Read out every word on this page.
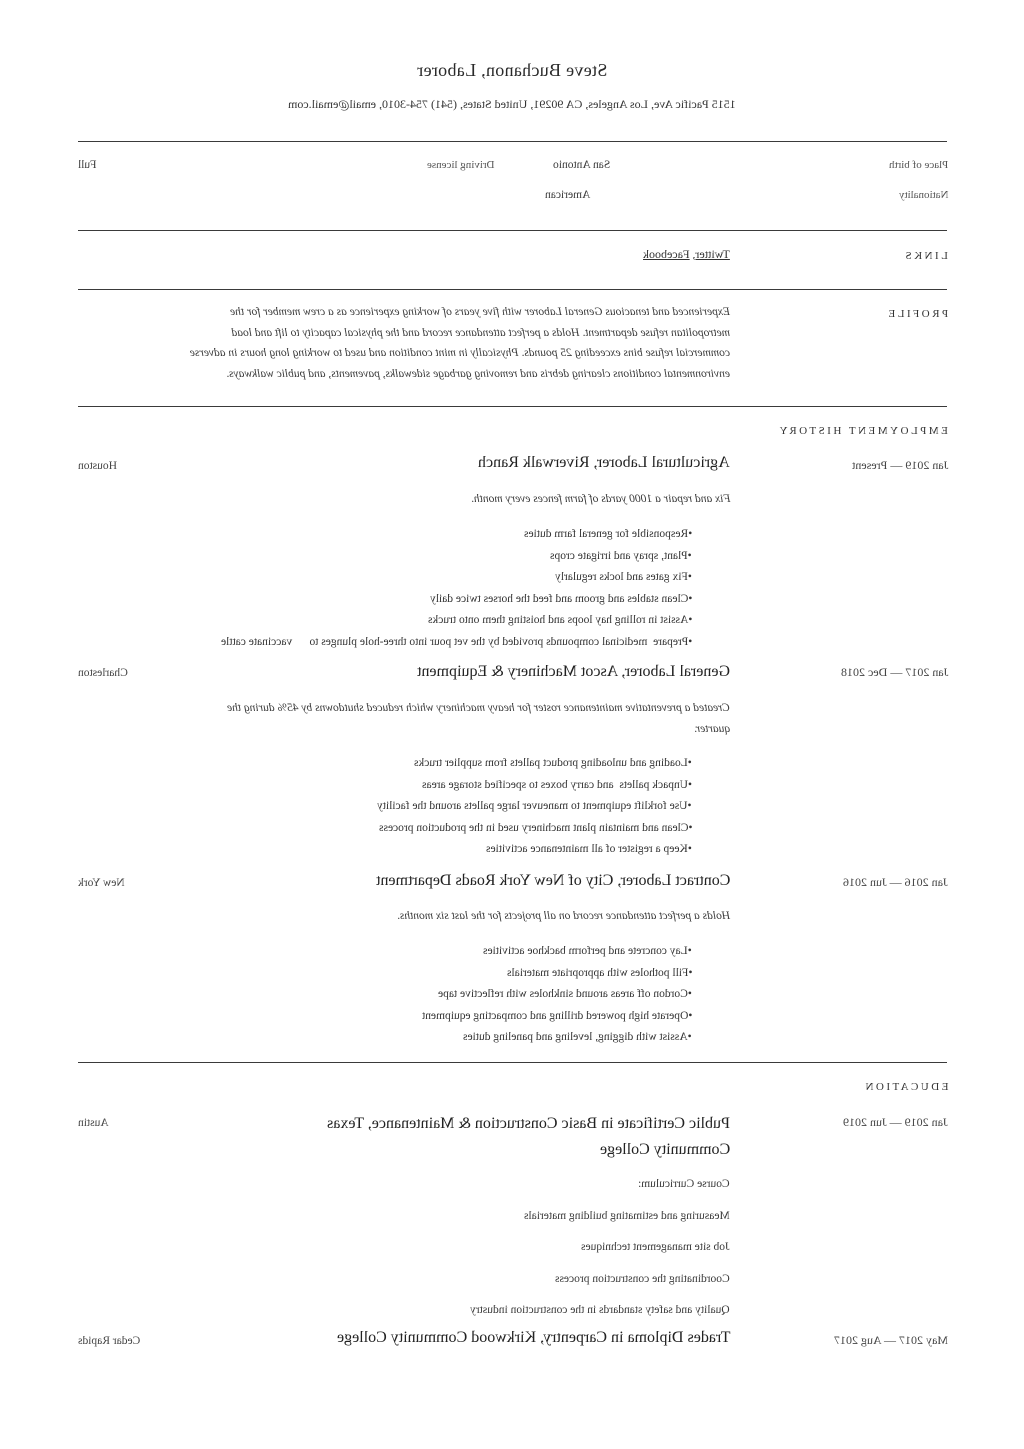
Steve Buchanon, Laborer
1515 Pacific Ave, Los Angeles, CA 90291, United States, (541) 754-3010, email@email.com
Place of birth
San Antonio
Nationality
American
Driving license
Full
LINKS
Twitter, Facebook
PROFILE
Experienced and tenacious General Laborer with five years of working experience as a crew member for the
metropolitan refuse department. Holds a perfect attendance record and the physical capacity to lift and load
commercial refuse bins exceeding 25 pounds. Physically in mint condition and used to working long hours in adverse
environmental conditions clearing debris and removing garbage sidewalks, pavements, and public walkways.
EMPLOYMENT HISTORY
Jan 2019 — Present
Agricultural Laborer, Riverwalk Ranch
Houston
Fix and repair a 1000 yards of farm fences every month.
•Responsible for general farm duties
•Plant, spray and irrigate crops
•Fix gates and locks regularly
•Clean stables and groom and feed the horses twice daily
•Assist in rolling hay loops and hoisting them onto trucks
•Prepare  medicinal compounds provided by the vet pour into three-hole plunges to      vaccinate cattle
Jan 2017 — Dec 2018
General Laborer, Ascot Machinery & Equipment
Charleston
Created a preventative maintenance roster for heavy machinery which reduced shutdowns by 45% during the
quarter.
•Loading and unloading product pallets from supplier trucks
•Unpack pallets  and carry boxes to specified storage areas
•Use forklift equipment to maneuver large pallets around the facility
•Clean and maintain plant machinery used in the production process
•Keep a register of all maintenance activities
Jan 2016 — Jun 2016
Contract Laborer, City of New York Roads Department
New York
Holds a perfect attendance record on all projects for the last six months.
•Lay concrete and perform backhoe activities
•Fill potholes with appropriate materials
•Cordon off areas around sinkholes with reflective tape
•Operate high powered drilling and compacting equipment
•Assist with digging, leveling and paneling duties
EDUCATION
Jan 2019 — Jun 2019
Public Certificate in Basic Construction & Maintenance, Texas
Community College
Austin
Course Curriculum:
Measuring and estimating building materials
Job site management techniques
Coordinating the construction process
Quality and safety standards in the construction industry
May 2017 — Aug 2017
Trades Diploma in Carpentry, Kirkwood Community College
Cedar Rapids
